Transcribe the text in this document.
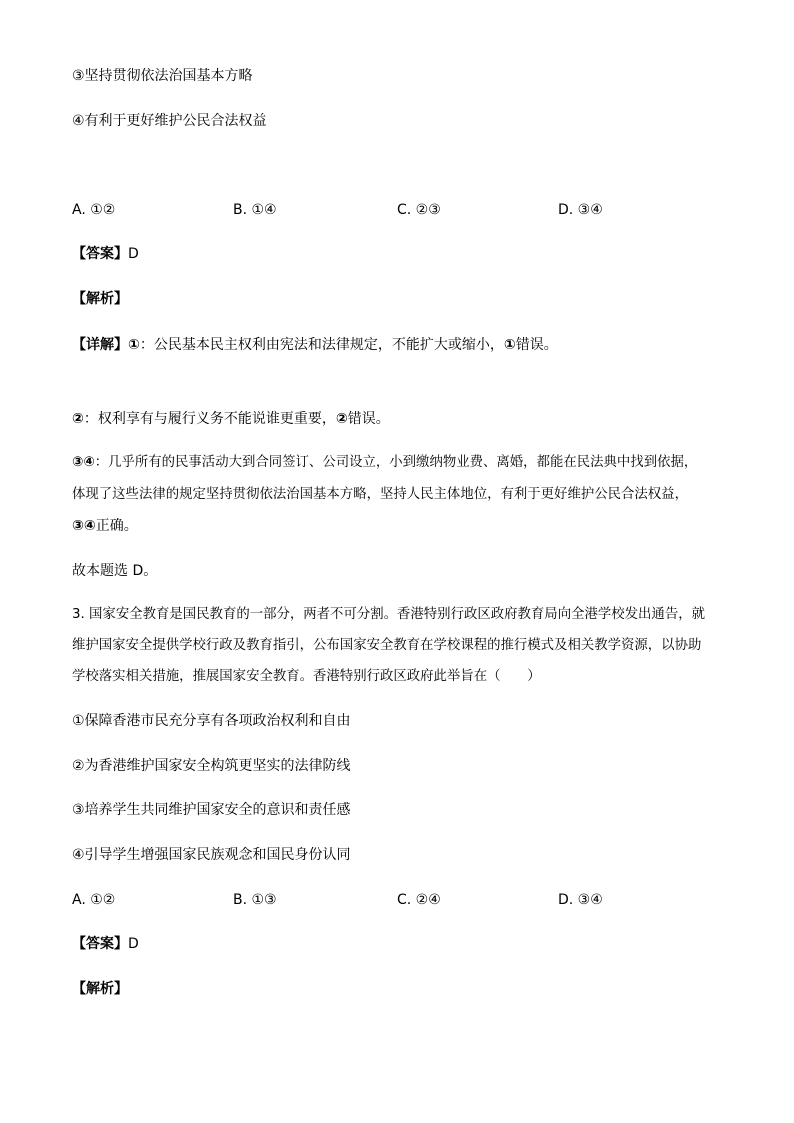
③坚持贯彻依法治国基本方略
④有利于更好维护公民合法权益
A. ①②	B. ①④	C. ②③	D. ③④
【答案】D
【解析】
【详解】①：公民基本民主权利由宪法和法律规定，不能扩大或缩小，①错误。
②：权利享有与履行义务不能说谁更重要，②错误。
③④：几乎所有的民事活动大到合同签订、公司设立，小到缴纳物业费、离婚，都能在民法典中找到依据，
体现了这些法律的规定坚持贯彻依法治国基本方略，坚持人民主体地位，有利于更好维护公民合法权益，
③④正确。
故本题选 D。
3. 国家安全教育是国民教育的一部分，两者不可分割。香港特别行政区政府教育局向全港学校发出通告，就
维护国家安全提供学校行政及教育指引，公布国家安全教育在学校课程的推行模式及相关教学资源，以协助
学校落实相关措施，推展国家安全教育。香港特别行政区政府此举旨在（　　）
①保障香港市民充分享有各项政治权利和自由
②为香港维护国家安全构筑更坚实的法律防线
③培养学生共同维护国家安全的意识和责任感
④引导学生增强国家民族观念和国民身份认同
A. ①②	B. ①③	C. ②④	D. ③④
【答案】D
【解析】
